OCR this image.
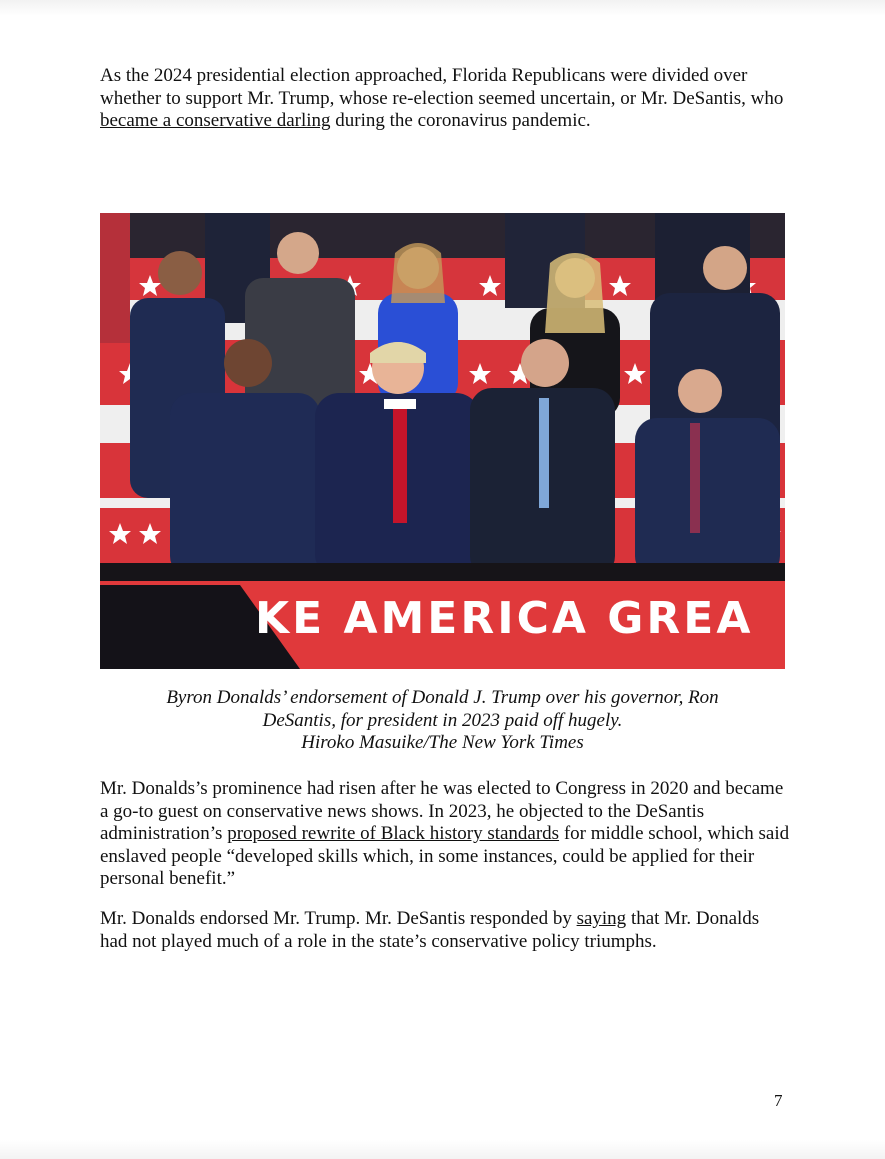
As the 2024 presidential election approached, Florida Republicans were divided over whether to support Mr. Trump, whose re-election seemed uncertain, or Mr. DeSantis, who became a conservative darling during the coronavirus pandemic.

KE AMERICA GREA
Byron Donalds’ endorsement of Donald J. Trump over his governor, Ron
DeSantis, for president in 2023 paid off hugely.
Hiroko Masuike/The New York Times

Mr. Donalds’s prominence had risen after he was elected to Congress in 2020 and became a go-to guest on conservative news shows. In 2023, he objected to the DeSantis administration’s proposed rewrite of Black history standards for middle school, which said enslaved people “developed skills which, in some instances, could be applied for their personal benefit.”

Mr. Donalds endorsed Mr. Trump. Mr. DeSantis responded by saying that Mr. Donalds had not played much of a role in the state’s conservative policy triumphs.

7
